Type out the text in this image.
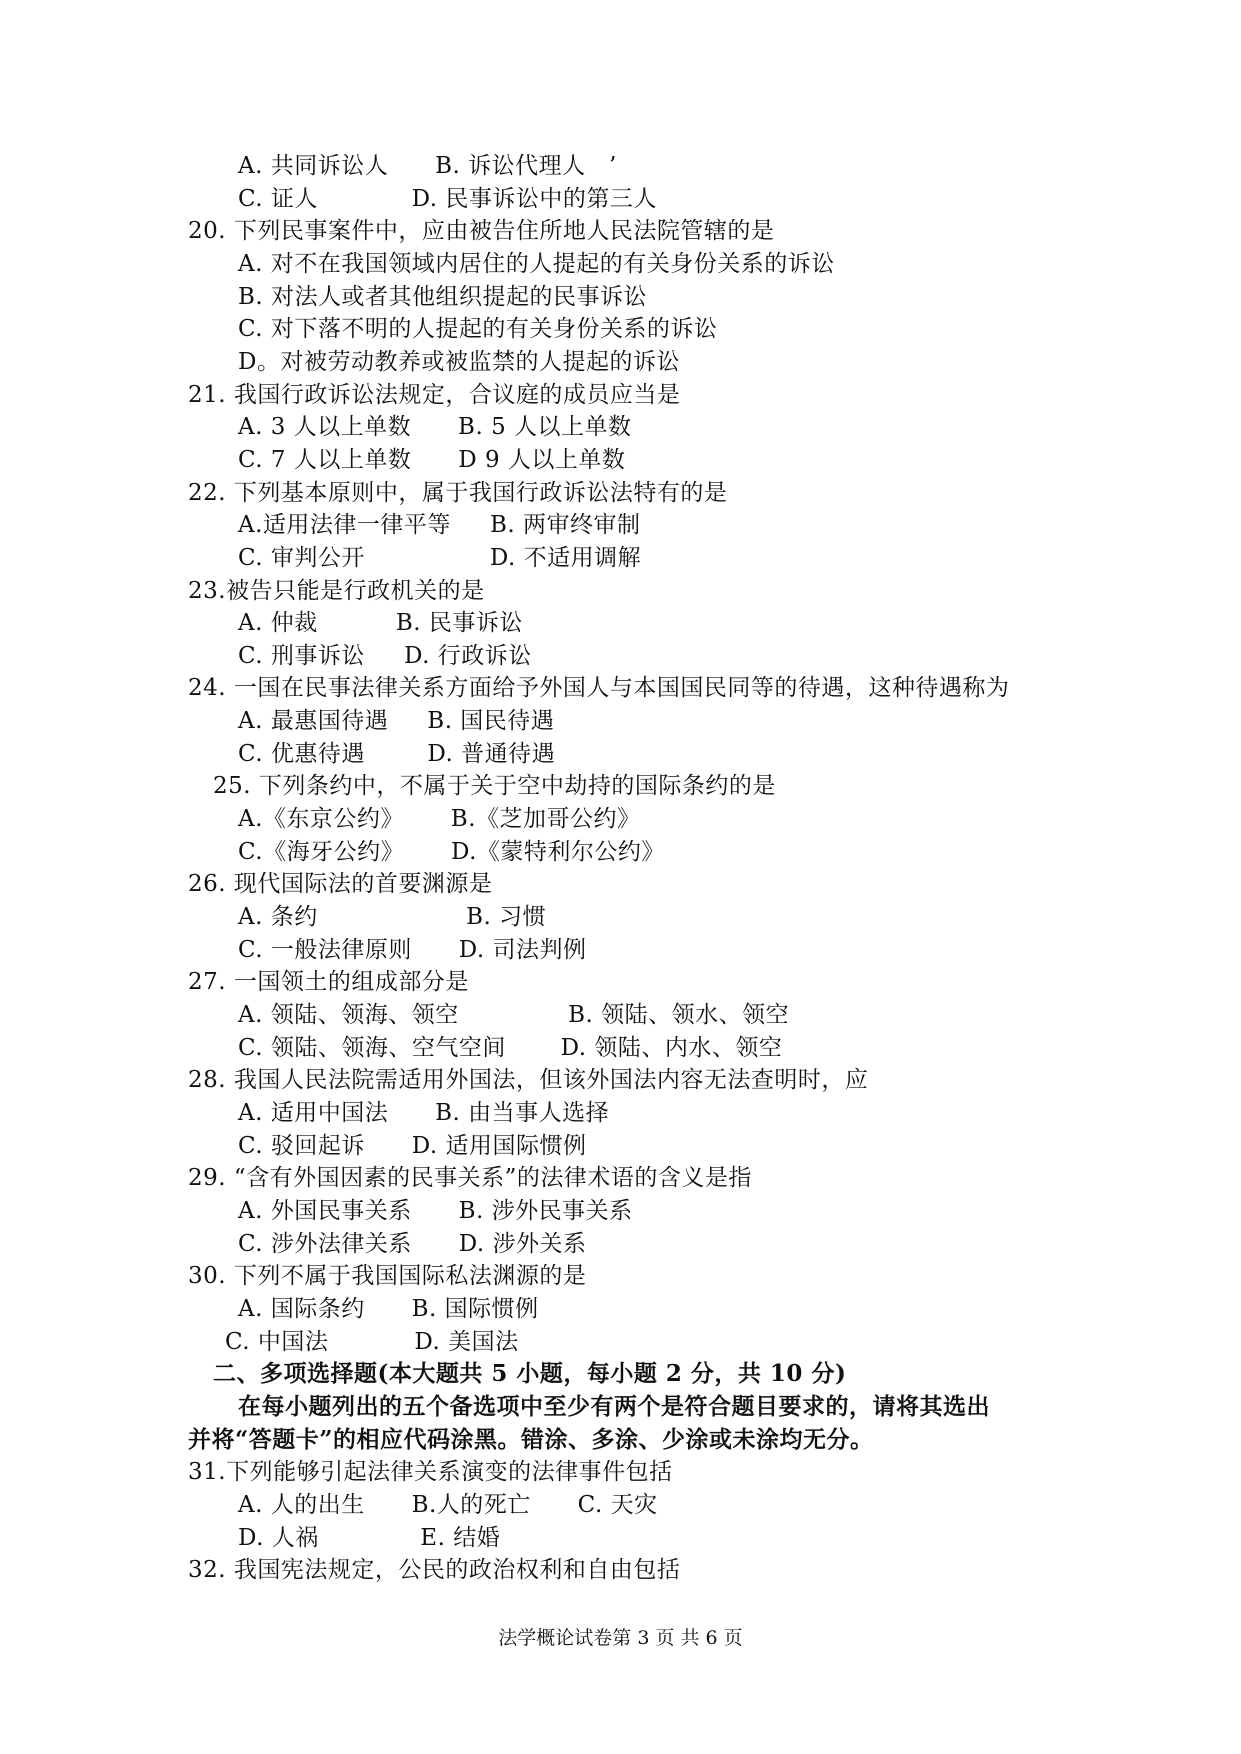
A. 共同诉讼人      B. 诉讼代理人   ’
C. 证人            D. 民事诉讼中的第三人
20. 下列民事案件中，应由被告住所地人民法院管辖的是
A. 对不在我国领域内居住的人提起的有关身份关系的诉讼
B. 对法人或者其他组织提起的民事诉讼
C. 对下落不明的人提起的有关身份关系的诉讼
D。对被劳动教养或被监禁的人提起的诉讼
21. 我国行政诉讼法规定，合议庭的成员应当是
A. 3 人以上单数      B. 5 人以上单数
C. 7 人以上单数      D 9 人以上单数
22. 下列基本原则中，属于我国行政诉讼法特有的是
A.适用法律一律平等     B. 两审终审制
C. 审判公开                D. 不适用调解
23.被告只能是行政机关的是
A. 仲裁          B. 民事诉讼
C. 刑事诉讼     D. 行政诉讼
24. 一国在民事法律关系方面给予外国人与本国国民同等的待遇，这种待遇称为
A. 最惠国待遇     B. 国民待遇
C. 优惠待遇        D. 普通待遇
25. 下列条约中，不属于关于空中劫持的国际条约的是
A.《东京公约》      B.《芝加哥公约》
C.《海牙公约》      D.《蒙特利尔公约》
26. 现代国际法的首要渊源是
A. 条约                   B. 习惯
C. 一般法律原则      D. 司法判例
27. 一国领土的组成部分是
A. 领陆、领海、领空              B. 领陆、领水、领空
C. 领陆、领海、空气空间       D. 领陆、内水、领空
28. 我国人民法院需适用外国法，但该外国法内容无法查明时，应
A. 适用中国法      B. 由当事人选择
C. 驳回起诉      D. 适用国际惯例
29. “含有外国因素的民事关系”的法律术语的含义是指
A. 外国民事关系      B. 涉外民事关系
C. 涉外法律关系      D. 涉外关系
30. 下列不属于我国国际私法渊源的是
A. 国际条约      B. 国际惯例
C. 中国法           D. 美国法
二、多项选择题(本大题共 5 小题，每小题 2 分，共 10 分)
在每小题列出的五个备选项中至少有两个是符合题目要求的，请将其选出
并将“答题卡”的相应代码涂黑。错涂、多涂、少涂或未涂均无分。
31.下列能够引起法律关系演变的法律事件包括
A. 人的出生      B.人的死亡      C. 天灾
D. 人祸             E. 结婚
32. 我国宪法规定，公民的政治权利和自由包括
法学概论试卷第 3 页 共 6 页
